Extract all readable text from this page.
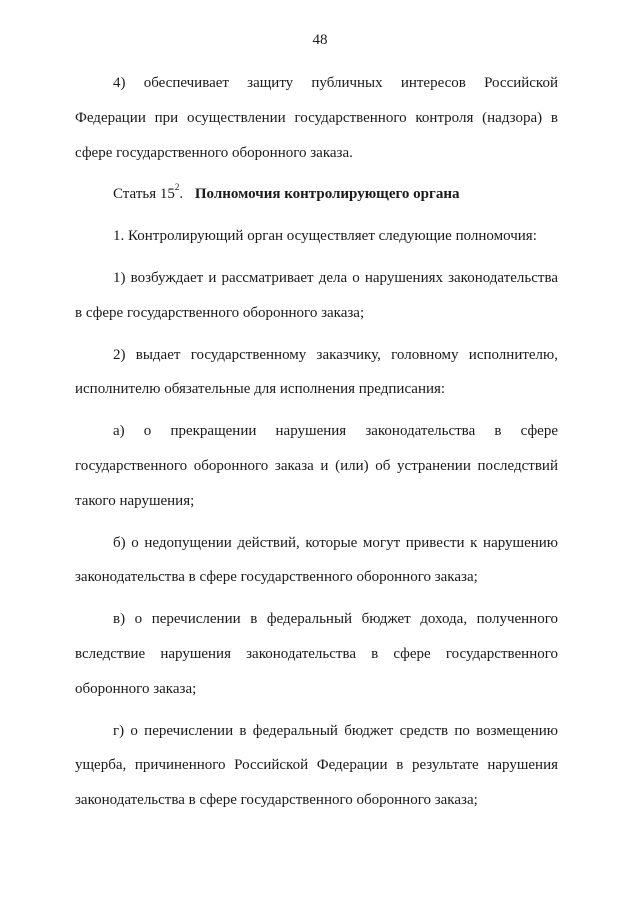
48

4) обеспечивает защиту публичных интересов Российской Федерации при осуществлении государственного контроля (надзора) в сфере государственного оборонного заказа.

Статья $15^2$. Полномочия контролирующего органа

1. Контролирующий орган осуществляет следующие полномочия:

1) возбуждает и рассматривает дела о нарушениях законодательства в сфере государственного оборонного заказа;

2) выдает государственному заказчику, головному исполнителю, исполнителю обязательные для исполнения предписания:

а) о прекращении нарушения законодательства в сфере государственного оборонного заказа и (или) об устранении последствий такого нарушения;

б) о недопущении действий, которые могут привести к нарушению законодательства в сфере государственного оборонного заказа;

в) о перечислении в федеральный бюджет дохода, полученного вследствие нарушения законодательства в сфере государственного оборонного заказа;

г) о перечислении в федеральный бюджет средств по возмещению ущерба, причиненного Российской Федерации в результате нарушения законодательства в сфере государственного оборонного заказа;
